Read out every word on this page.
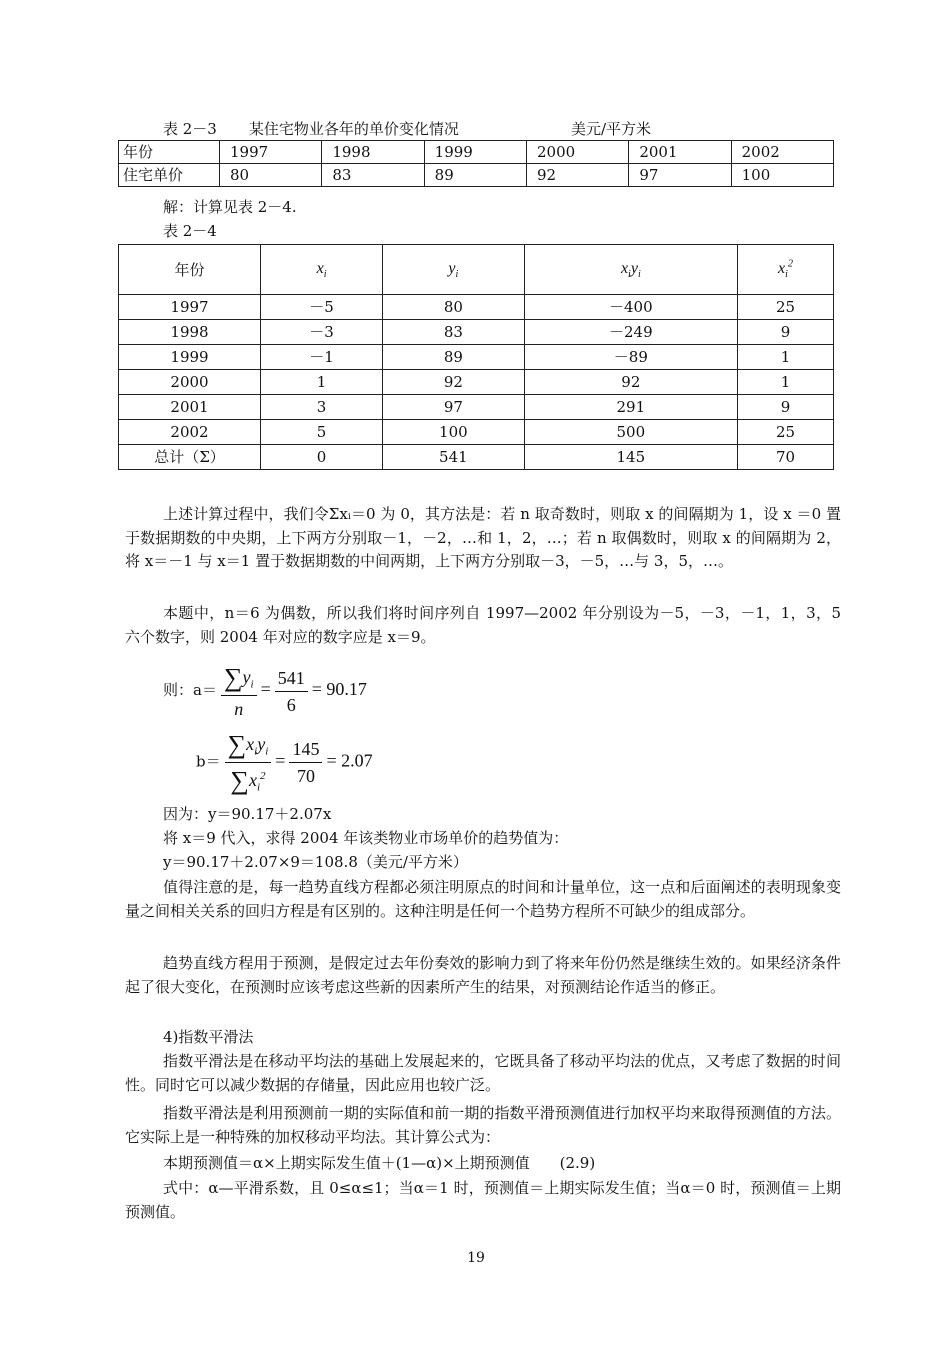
表 2－3 某住宅物业各年的单价变化情况	美元/平方米
年份	1997	1998	1999	2000	2001	2002
住宅单价	80	83	89	92	97	100
解：计算见表 2－4.
表 2－4
年份	$x_i$	$y_i$	$x_iy_i$	$x_i^2$
1997	－5	80	－400	25
1998	－3	83	－249	9
1999	－1	89	－89	1
2000	1	92	92	1
2001	3	97	291	9
2002	5	100	500	25
总计（Σ）	0	541	145	70
上述计算过程中，我们令Σxᵢ＝0 为 0，其方法是：若 n 取奇数时，则取 x 的间隔期为 1，设 x ＝0 置于数据期数的中央期，上下两方分别取－1，－2，…和 1，2，…；若 n 取偶数时，则取 x 的间隔期为 2，将 x＝－1 与 x＝1 置于数据期数的中间两期，上下两方分别取－3，－5，…与 3，5，…。
本题中，n＝6 为偶数，所以我们将时间序列自 1997—2002 年分别设为－5，－3，－1，1，3，5 六个数字，则 2004 年对应的数字应是 x＝9。
则：$a= \frac{\sum y_i}{n} = \frac{541}{6} = 90.17$
$b= \frac{\sum x_iy_i}{\sum x_i^2} = \frac{145}{70} = 2.07$
因为：y＝90.17＋2.07x
将 x＝9 代入，求得 2004 年该类物业市场单价的趋势值为：
y＝90.17＋2.07×9＝108.8（美元/平方米）
值得注意的是，每一趋势直线方程都必须注明原点的时间和计量单位，这一点和后面阐述的表明现象变量之间相关关系的回归方程是有区别的。这种注明是任何一个趋势方程所不可缺少的组成部分。
趋势直线方程用于预测，是假定过去年份奏效的影响力到了将来年份仍然是继续生效的。如果经济条件起了很大变化，在预测时应该考虑这些新的因素所产生的结果，对预测结论作适当的修正。
4)指数平滑法
指数平滑法是在移动平均法的基础上发展起来的，它既具备了移动平均法的优点，又考虑了数据的时间性。同时它可以减少数据的存储量，因此应用也较广泛。
指数平滑法是利用预测前一期的实际值和前一期的指数平滑预测值进行加权平均来取得预测值的方法。它实际上是一种特殊的加权移动平均法。其计算公式为：
本期预测值＝α×上期实际发生值＋(1—α)×上期预测值　　(2.9)
式中：α—平滑系数，且 0≤α≤1；当α＝1 时，预测值＝上期实际发生值；当α＝0 时，预测值＝上期预测值。
19
